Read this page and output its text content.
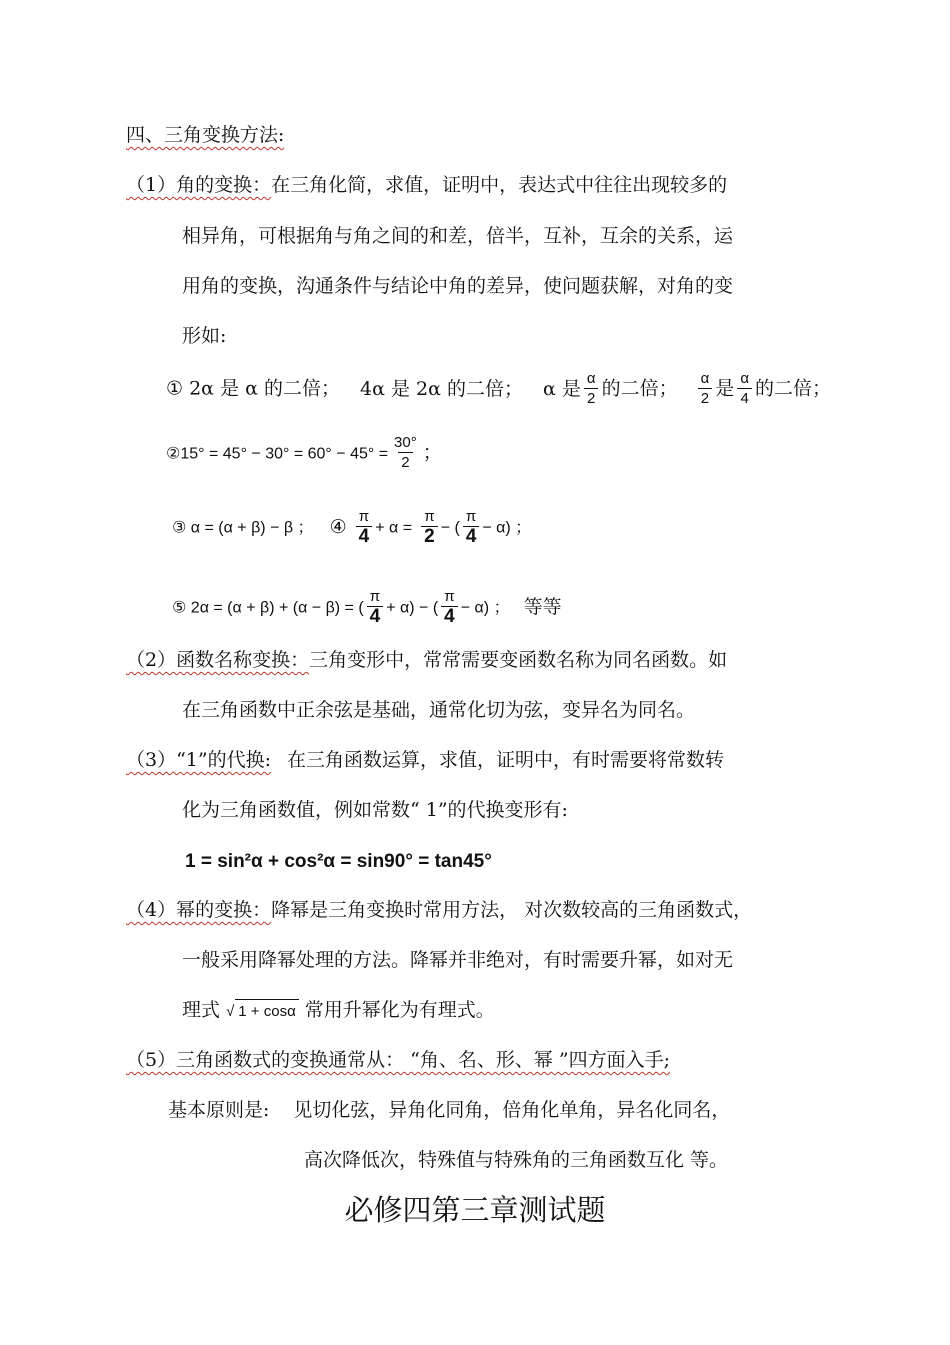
四、三角变换方法:
（1）角的变换：在三角化简，求值，证明中，表达式中往往出现较多的
相异角，可根据角与角之间的和差，倍半，互补，互余的关系，运
用角的变换，沟通条件与结论中角的差异，使问题获解，对角的变
形如:
① 2α 是 α 的二倍； 4α 是 2α 的二倍； α 是 $\frac{\alpha}{2}$ 的二倍； $\frac{\alpha}{2}$ 是 $\frac{\alpha}{4}$ 的二倍；
②15° = $45^\circ - 30^\circ = 60^\circ - 45^\circ = \frac{30^\circ}{2}$ ；
③ α = (α + β) − β ； ④ $\frac{\pi}{4} + \alpha = \frac{\pi}{2}$ − ( $\frac{\pi}{4} - \alpha$) ；
⑤ 2α = (α + β) + (α − β) = ( $\frac{\pi}{4} + \alpha$) − ( $\frac{\pi}{4} - \alpha$) ； 等等
（2）函数名称变换：三角变形中，常常需要变函数名称为同名函数。如
在三角函数中正余弦是基础，通常化切为弦，变异名为同名。
（3）“1”的代换: 在三角函数运算，求值，证明中，有时需要将常数转
化为三角函数值，例如常数“ 1”的代换变形有:
1 = sin²α + cos²α = sin90° = tan45°
（4）幂的变换：降幂是三角变换时常用方法， 对次数较高的三角函数式，
一般采用降幂处理的方法。降幂并非绝对，有时需要升幂，如对无
理式 √ 1 + cosα 常用升幂化为有理式。
（5）三角函数式的变换通常从： “角、名、形、幂 ”四方面入手;
基本原则是: 见切化弦，异角化同角，倍角化单角，异名化同名，
高次降低次，特殊值与特殊角的三角函数互化 等。
必修四第三章测试题
